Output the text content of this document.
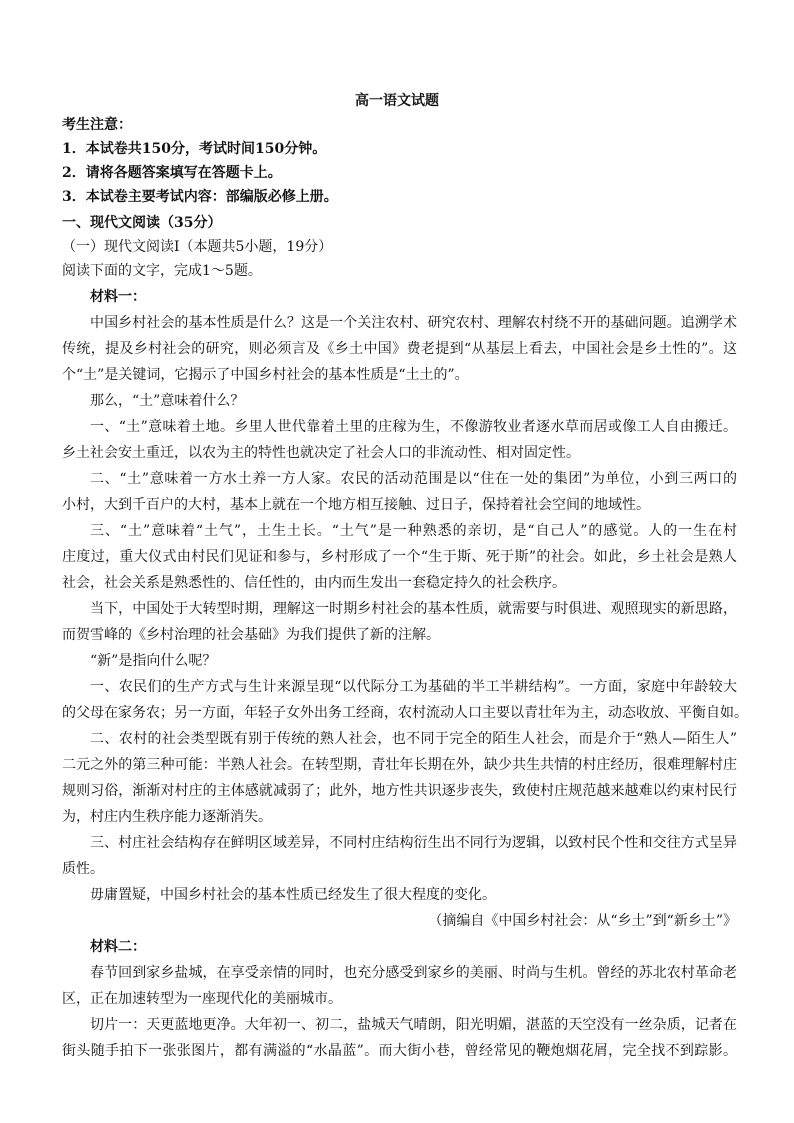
高一语文试题
考生注意：
1．本试卷共150分，考试时间150分钟。
2．请将各题答案填写在答题卡上。
3．本试卷主要考试内容：部编版必修上册。
一、现代文阅读（35分）
（一）现代文阅读Ⅰ（本题共5小题，19分）
阅读下面的文字，完成1～5题。
材料一：
中国乡村社会的基本性质是什么？这是一个关注农村、研究农村、理解农村绕不开的基础问题。追溯学术
传统，提及乡村社会的研究，则必须言及《乡土中国》费老提到“从基层上看去，中国社会是乡土性的”。这
个“土”是关键词，它揭示了中国乡村社会的基本性质是“土土的”。
那么，“土”意味着什么？
一、“土”意味着土地。乡里人世代靠着土里的庄稼为生，不像游牧业者逐水草而居或像工人自由搬迁。
乡土社会安土重迁，以农为主的特性也就决定了社会人口的非流动性、相对固定性。
二、“土”意味着一方水土养一方人家。农民的活动范围是以“住在一处的集团”为单位，小到三两口的
小村，大到千百户的大村，基本上就在一个地方相互接触、过日子，保持着社会空间的地域性。
三、“土”意味着“土气”，土生土长。“土气”是一种熟悉的亲切，是“自己人”的感觉。人的一生在村
庄度过，重大仪式由村民们见证和参与，乡村形成了一个“生于斯、死于斯”的社会。如此，乡土社会是熟人
社会，社会关系是熟悉性的、信任性的，由内而生发出一套稳定持久的社会秩序。
当下，中国处于大转型时期，理解这一时期乡村社会的基本性质，就需要与时俱进、观照现实的新思路，
而贺雪峰的《乡村治理的社会基础》为我们提供了新的注解。
“新”是指向什么呢？
一、农民们的生产方式与生计来源呈现“以代际分工为基础的半工半耕结构”。一方面，家庭中年龄较大
的父母在家务农；另一方面，年轻子女外出务工经商，农村流动人口主要以青壮年为主，动态收放、平衡自如。
二、农村的社会类型既有别于传统的熟人社会，也不同于完全的陌生人社会，而是介于“熟人—陌生人”
二元之外的第三种可能：半熟人社会。在转型期，青壮年长期在外，缺少共生共情的村庄经历，很难理解村庄
规则习俗，渐渐对村庄的主体感就减弱了；此外，地方性共识逐步丧失，致使村庄规范越来越难以约束村民行
为，村庄内生秩序能力逐渐消失。
三、村庄社会结构存在鲜明区域差异，不同村庄结构衍生出不同行为逻辑，以致村民个性和交往方式呈异
质性。
毋庸置疑，中国乡村社会的基本性质已经发生了很大程度的变化。
（摘编自《中国乡村社会：从“乡土”到“新乡土”》
材料二：
春节回到家乡盐城，在享受亲情的同时，也充分感受到家乡的美丽、时尚与生机。曾经的苏北农村革命老
区，正在加速转型为一座现代化的美丽城市。
切片一：天更蓝地更净。大年初一、初二，盐城天气晴朗，阳光明媚，湛蓝的天空没有一丝杂质，记者在
街头随手拍下一张张图片，都有满溢的“水晶蓝”。而大街小巷，曾经常见的鞭炮烟花屑，完全找不到踪影。
